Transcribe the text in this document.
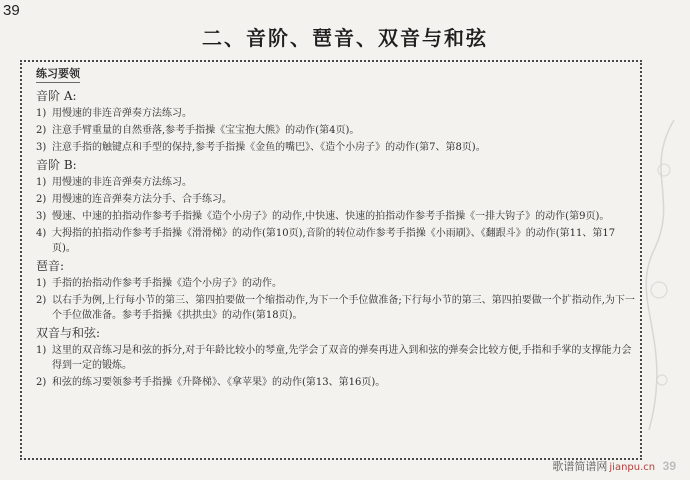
39
二、音阶、琶音、双音与和弦
练习要领
音阶 A:
1) 用慢速的非连音弹奏方法练习。
2) 注意手臂重量的自然垂落,参考手指操《宝宝抱大熊》的动作(第4页)。
3) 注意手指的触键点和手型的保持,参考手指操《金鱼的嘴巴》、《造个小房子》的动作(第7、第8页)。
音阶 B:
1) 用慢速的非连音弹奏方法练习。
2) 用慢速的连音弹奏方法分手、合手练习。
3) 慢速、中速的拍指动作参考手指操《造个小房子》的动作,中快速、快速的拍指动作参考手指操《一排大钩子》的动作(第9页)。
4) 大拇指的拍指动作参考手指操《滑滑梯》的动作(第10页),音阶的转位动作参考手指操《小雨刷》、《翻跟斗》的动作(第11、第17页)。
琶音:
1) 手指的抬指动作参考手指操《造个小房子》的动作。
2) 以右手为例,上行每小节的第三、第四拍要做一个缩指动作,为下一个手位做准备;下行每小节的第三、第四拍要做一个扩指动作,为下一个手位做准备。参考手指操《拱拱虫》的动作(第18页)。
双音与和弦:
1) 这里的双音练习是和弦的拆分,对于年龄比较小的琴童,先学会了双音的弹奏再进入到和弦的弹奏会比较方便,手指和手掌的支撑能力会得到一定的锻炼。
2) 和弦的练习要领参考手指操《升降梯》、《拿苹果》的动作(第13、第16页)。
歌谱简谱网 jianpu.cn 39
